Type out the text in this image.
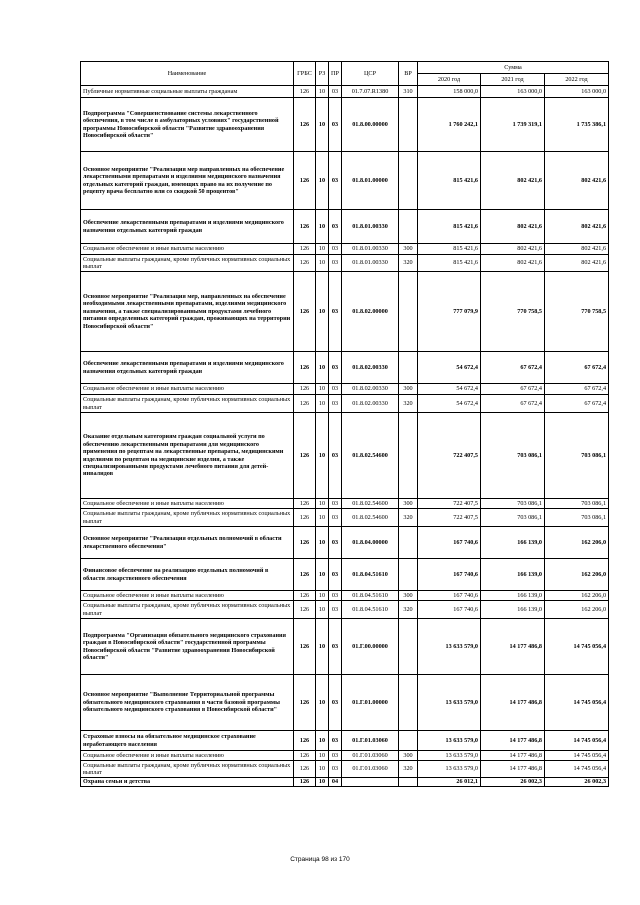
Наименование	ГРБС	РЗ	ПР	ЦСР	ВР	Сумма		
						2020 год	2021 год	2022 год
Публичные нормативные социальные выплаты гражданам	126	10	03	01.7.07.R1380	310	158 000,0	163 000,0	163 000,0
Подпрограмма "Совершенствование системы лекарственного обеспечения, в том числе в амбулаторных условиях" государственной программы Новосибирской области "Развитие здравоохранения Новосибирской области"	126	10	03	01.8.00.00000		1 760 242,1	1 739 319,1	1 735 386,1
Основное мероприятие "Реализация мер направленных на обеспечение лекарственными препаратами и изделиями медицинского назначения отдельных категорий граждан, имеющих право на их получение по рецепту врача бесплатно или со скидкой 50 процентов"	126	10	03	01.8.01.00000		815 421,6	802 421,6	802 421,6
Обеспечение лекарственными препаратами и изделиями медицинского назначения отдельных категорий граждан	126	10	03	01.8.01.00330		815 421,6	802 421,6	802 421,6
Социальное обеспечение и иные выплаты населению	126	10	03	01.8.01.00330	300	815 421,6	802 421,6	802 421,6
Социальные выплаты гражданам, кроме публичных нормативных социальных выплат	126	10	03	01.8.01.00330	320	815 421,6	802 421,6	802 421,6
Основное мероприятие "Реализация мер, направленных на обеспечение необходимыми лекарственными препаратами, изделиями медицинского назначения, а также специализированными продуктами лечебного питания определенных категорий граждан, проживающих на территории Новосибирской области"	126	10	03	01.8.02.00000		777 079,9	770 758,5	770 758,5
Обеспечение лекарственными препаратами и изделиями медицинского назначения отдельных категорий граждан	126	10	03	01.8.02.00330		54 672,4	67 672,4	67 672,4
Социальное обеспечение и иные выплаты населению	126	10	03	01.8.02.00330	300	54 672,4	67 672,4	67 672,4
Социальные выплаты гражданам, кроме публичных нормативных социальных выплат	126	10	03	01.8.02.00330	320	54 672,4	67 672,4	67 672,4
Оказание отдельным категориям граждан социальной услуги по обеспечению лекарственными препаратами для медицинского применения по рецептам на лекарственные препараты, медицинскими изделиями по рецептам на медицинские изделия, а также специализированными продуктами лечебного питания для детей-инвалидов	126	10	03	01.8.02.54600		722 407,5	703 086,1	703 086,1
Социальное обеспечение и иные выплаты населению	126	10	03	01.8.02.54600	300	722 407,5	703 086,1	703 086,1
Социальные выплаты гражданам, кроме публичных нормативных социальных выплат	126	10	03	01.8.02.54600	320	722 407,5	703 086,1	703 086,1
Основное мероприятие "Реализация отдельных полномочий в области лекарственного обеспечения"	126	10	03	01.8.04.00000		167 740,6	166 139,0	162 206,0
Финансовое обеспечение на реализацию отдельных полномочий в области лекарственного обеспечения	126	10	03	01.8.04.51610		167 740,6	166 139,0	162 206,0
Социальное обеспечение и иные выплаты населению	126	10	03	01.8.04.51610	300	167 740,6	166 139,0	162 206,0
Социальные выплаты гражданам, кроме публичных нормативных социальных выплат	126	10	03	01.8.04.51610	320	167 740,6	166 139,0	162 206,0
Подпрограмма "Организация обязательного медицинского страхования граждан в Новосибирской области" государственной программы Новосибирской области "Развитие здравоохранения Новосибирской области"	126	10	03	01.Г.00.00000		13 633 579,0	14 177 486,8	14 745 056,4
Основное мероприятие "Выполнение Территориальной программы обязательного медицинского страхования в части базовой программы обязательного медицинского страхования в Новосибирской области"	126	10	03	01.Г.01.00000		13 633 579,0	14 177 486,8	14 745 056,4
Страховые взносы на обязательное медицинское страхование неработающего населения	126	10	03	01.Г.01.03060		13 633 579,0	14 177 486,8	14 745 056,4
Социальное обеспечение и иные выплаты населению	126	10	03	01.Г.01.03060	300	13 633 579,0	14 177 486,8	14 745 056,4
Социальные выплаты гражданам, кроме публичных нормативных социальных выплат	126	10	03	01.Г.01.03060	320	13 633 579,0	14 177 486,8	14 745 056,4
Охрана семьи и детства	126	10	04			26 012,1	26 002,3	26 002,3
Страница 98 из 170
